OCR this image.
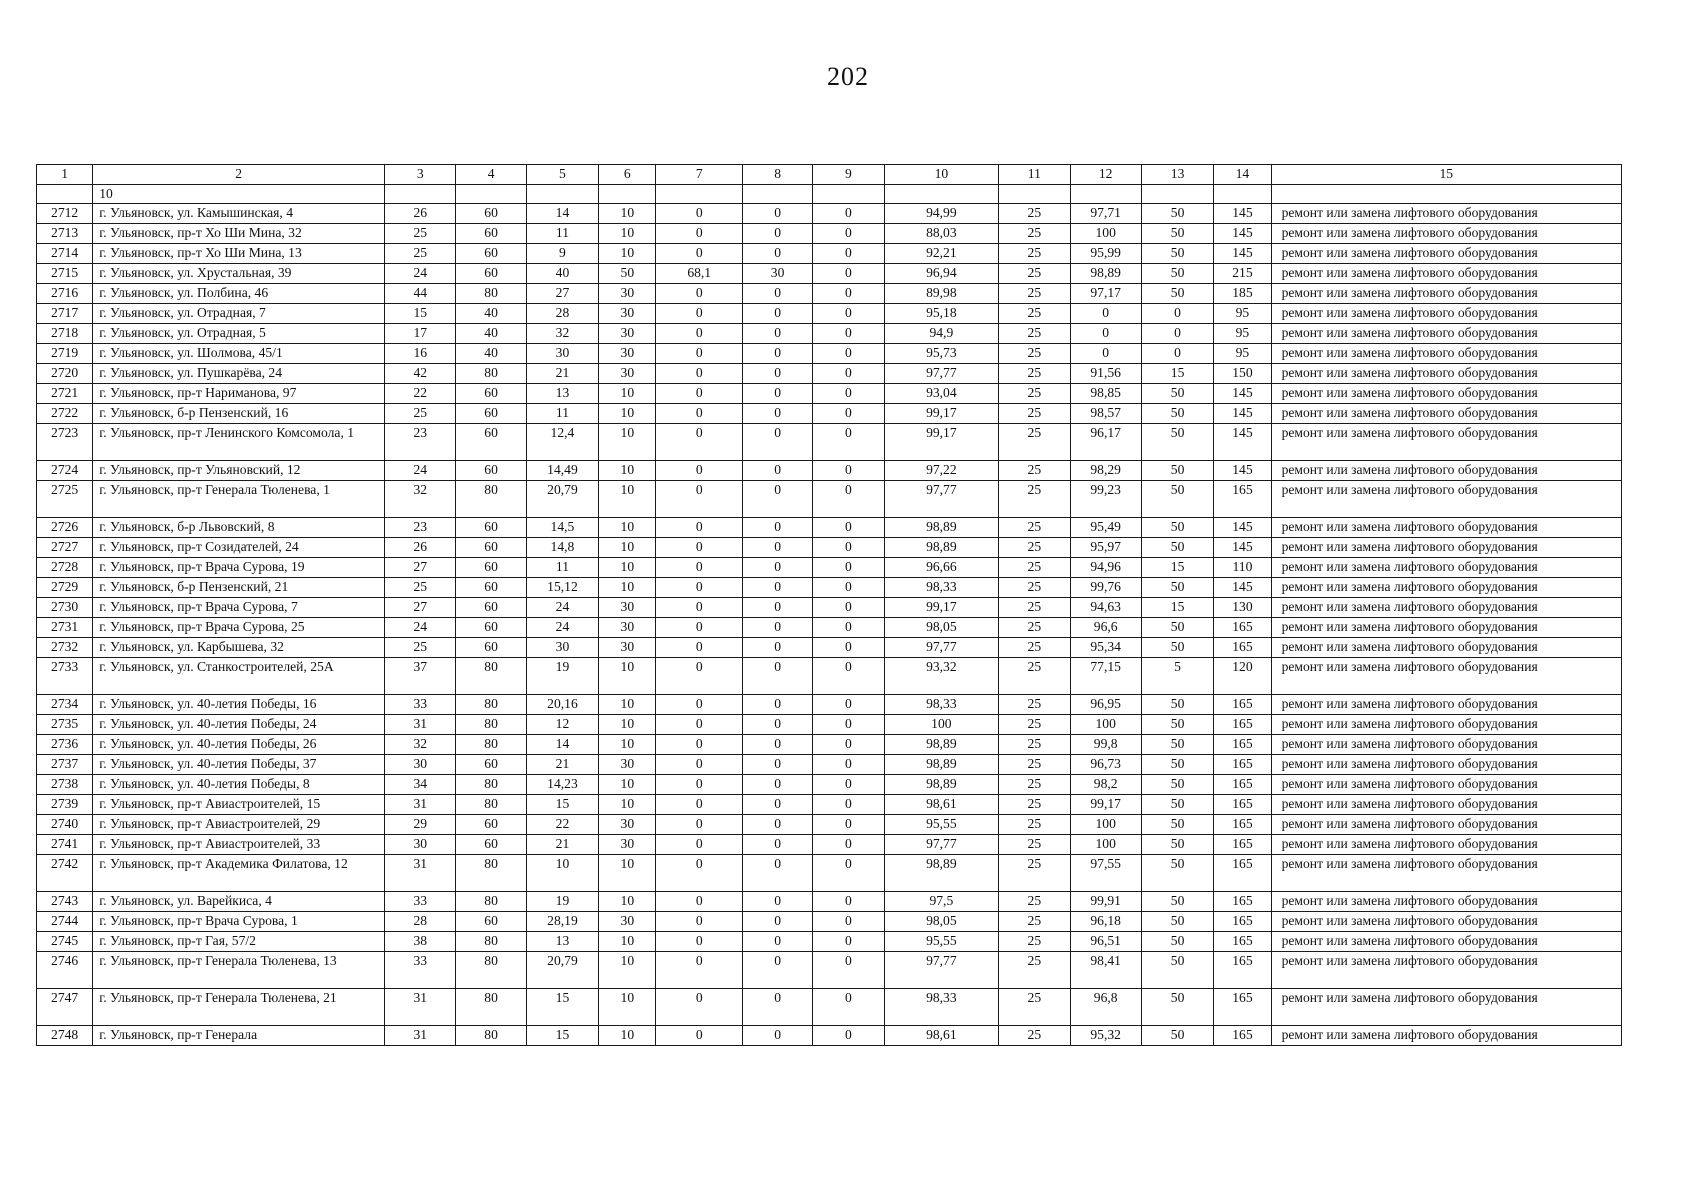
202
1	2	3	4	5	6	7	8	9	10	11	12	13	14	15
	10													
2712	г. Ульяновск, ул. Камышинская, 4	26	60	14	10	0	0	0	94,99	25	97,71	50	145	ремонт или замена лифтового оборудования
2713	г. Ульяновск, пр-т Хо Ши Мина, 32	25	60	11	10	0	0	0	88,03	25	100	50	145	ремонт или замена лифтового оборудования
2714	г. Ульяновск, пр-т Хо Ши Мина, 13	25	60	9	10	0	0	0	92,21	25	95,99	50	145	ремонт или замена лифтового оборудования
2715	г. Ульяновск, ул. Хрустальная, 39	24	60	40	50	68,1	30	0	96,94	25	98,89	50	215	ремонт или замена лифтового оборудования
2716	г. Ульяновск, ул. Полбина, 46	44	80	27	30	0	0	0	89,98	25	97,17	50	185	ремонт или замена лифтового оборудования
2717	г. Ульяновск, ул. Отрадная, 7	15	40	28	30	0	0	0	95,18	25	0	0	95	ремонт или замена лифтового оборудования
2718	г. Ульяновск, ул. Отрадная, 5	17	40	32	30	0	0	0	94,9	25	0	0	95	ремонт или замена лифтового оборудования
2719	г. Ульяновск, ул. Шолмова, 45/1	16	40	30	30	0	0	0	95,73	25	0	0	95	ремонт или замена лифтового оборудования
2720	г. Ульяновск, ул. Пушкарёва, 24	42	80	21	30	0	0	0	97,77	25	91,56	15	150	ремонт или замена лифтового оборудования
2721	г. Ульяновск, пр-т Нариманова, 97	22	60	13	10	0	0	0	93,04	25	98,85	50	145	ремонт или замена лифтового оборудования
2722	г. Ульяновск, б-р Пензенский, 16	25	60	11	10	0	0	0	99,17	25	98,57	50	145	ремонт или замена лифтового оборудования
2723	г. Ульяновск, пр-т Ленинского Комсомола, 1	23	60	12,4	10	0	0	0	99,17	25	96,17	50	145	ремонт или замена лифтового оборудования
2724	г. Ульяновск, пр-т Ульяновский, 12	24	60	14,49	10	0	0	0	97,22	25	98,29	50	145	ремонт или замена лифтового оборудования
2725	г. Ульяновск, пр-т Генерала Тюленева, 1	32	80	20,79	10	0	0	0	97,77	25	99,23	50	165	ремонт или замена лифтового оборудования
2726	г. Ульяновск, б-р Львовский, 8	23	60	14,5	10	0	0	0	98,89	25	95,49	50	145	ремонт или замена лифтового оборудования
2727	г. Ульяновск, пр-т Созидателей, 24	26	60	14,8	10	0	0	0	98,89	25	95,97	50	145	ремонт или замена лифтового оборудования
2728	г. Ульяновск, пр-т Врача Сурова, 19	27	60	11	10	0	0	0	96,66	25	94,96	15	110	ремонт или замена лифтового оборудования
2729	г. Ульяновск, б-р Пензенский, 21	25	60	15,12	10	0	0	0	98,33	25	99,76	50	145	ремонт или замена лифтового оборудования
2730	г. Ульяновск, пр-т Врача Сурова, 7	27	60	24	30	0	0	0	99,17	25	94,63	15	130	ремонт или замена лифтового оборудования
2731	г. Ульяновск, пр-т Врача Сурова, 25	24	60	24	30	0	0	0	98,05	25	96,6	50	165	ремонт или замена лифтового оборудования
2732	г. Ульяновск, ул. Карбышева, 32	25	60	30	30	0	0	0	97,77	25	95,34	50	165	ремонт или замена лифтового оборудования
2733	г. Ульяновск, ул. Станкостроителей, 25А	37	80	19	10	0	0	0	93,32	25	77,15	5	120	ремонт или замена лифтового оборудования
2734	г. Ульяновск, ул. 40-летия Победы, 16	33	80	20,16	10	0	0	0	98,33	25	96,95	50	165	ремонт или замена лифтового оборудования
2735	г. Ульяновск, ул. 40-летия Победы, 24	31	80	12	10	0	0	0	100	25	100	50	165	ремонт или замена лифтового оборудования
2736	г. Ульяновск, ул. 40-летия Победы, 26	32	80	14	10	0	0	0	98,89	25	99,8	50	165	ремонт или замена лифтового оборудования
2737	г. Ульяновск, ул. 40-летия Победы, 37	30	60	21	30	0	0	0	98,89	25	96,73	50	165	ремонт или замена лифтового оборудования
2738	г. Ульяновск, ул. 40-летия Победы, 8	34	80	14,23	10	0	0	0	98,89	25	98,2	50	165	ремонт или замена лифтового оборудования
2739	г. Ульяновск, пр-т Авиастроителей, 15	31	80	15	10	0	0	0	98,61	25	99,17	50	165	ремонт или замена лифтового оборудования
2740	г. Ульяновск, пр-т Авиастроителей, 29	29	60	22	30	0	0	0	95,55	25	100	50	165	ремонт или замена лифтового оборудования
2741	г. Ульяновск, пр-т Авиастроителей, 33	30	60	21	30	0	0	0	97,77	25	100	50	165	ремонт или замена лифтового оборудования
2742	г. Ульяновск, пр-т Академика Филатова, 12	31	80	10	10	0	0	0	98,89	25	97,55	50	165	ремонт или замена лифтового оборудования
2743	г. Ульяновск, ул. Варейкиса, 4	33	80	19	10	0	0	0	97,5	25	99,91	50	165	ремонт или замена лифтового оборудования
2744	г. Ульяновск, пр-т Врача Сурова, 1	28	60	28,19	30	0	0	0	98,05	25	96,18	50	165	ремонт или замена лифтового оборудования
2745	г. Ульяновск, пр-т Гая, 57/2	38	80	13	10	0	0	0	95,55	25	96,51	50	165	ремонт или замена лифтового оборудования
2746	г. Ульяновск, пр-т Генерала Тюленева, 13	33	80	20,79	10	0	0	0	97,77	25	98,41	50	165	ремонт или замена лифтового оборудования
2747	г. Ульяновск, пр-т Генерала Тюленева, 21	31	80	15	10	0	0	0	98,33	25	96,8	50	165	ремонт или замена лифтового оборудования
2748	г. Ульяновск, пр-т Генерала	31	80	15	10	0	0	0	98,61	25	95,32	50	165	ремонт или замена лифтового оборудования
